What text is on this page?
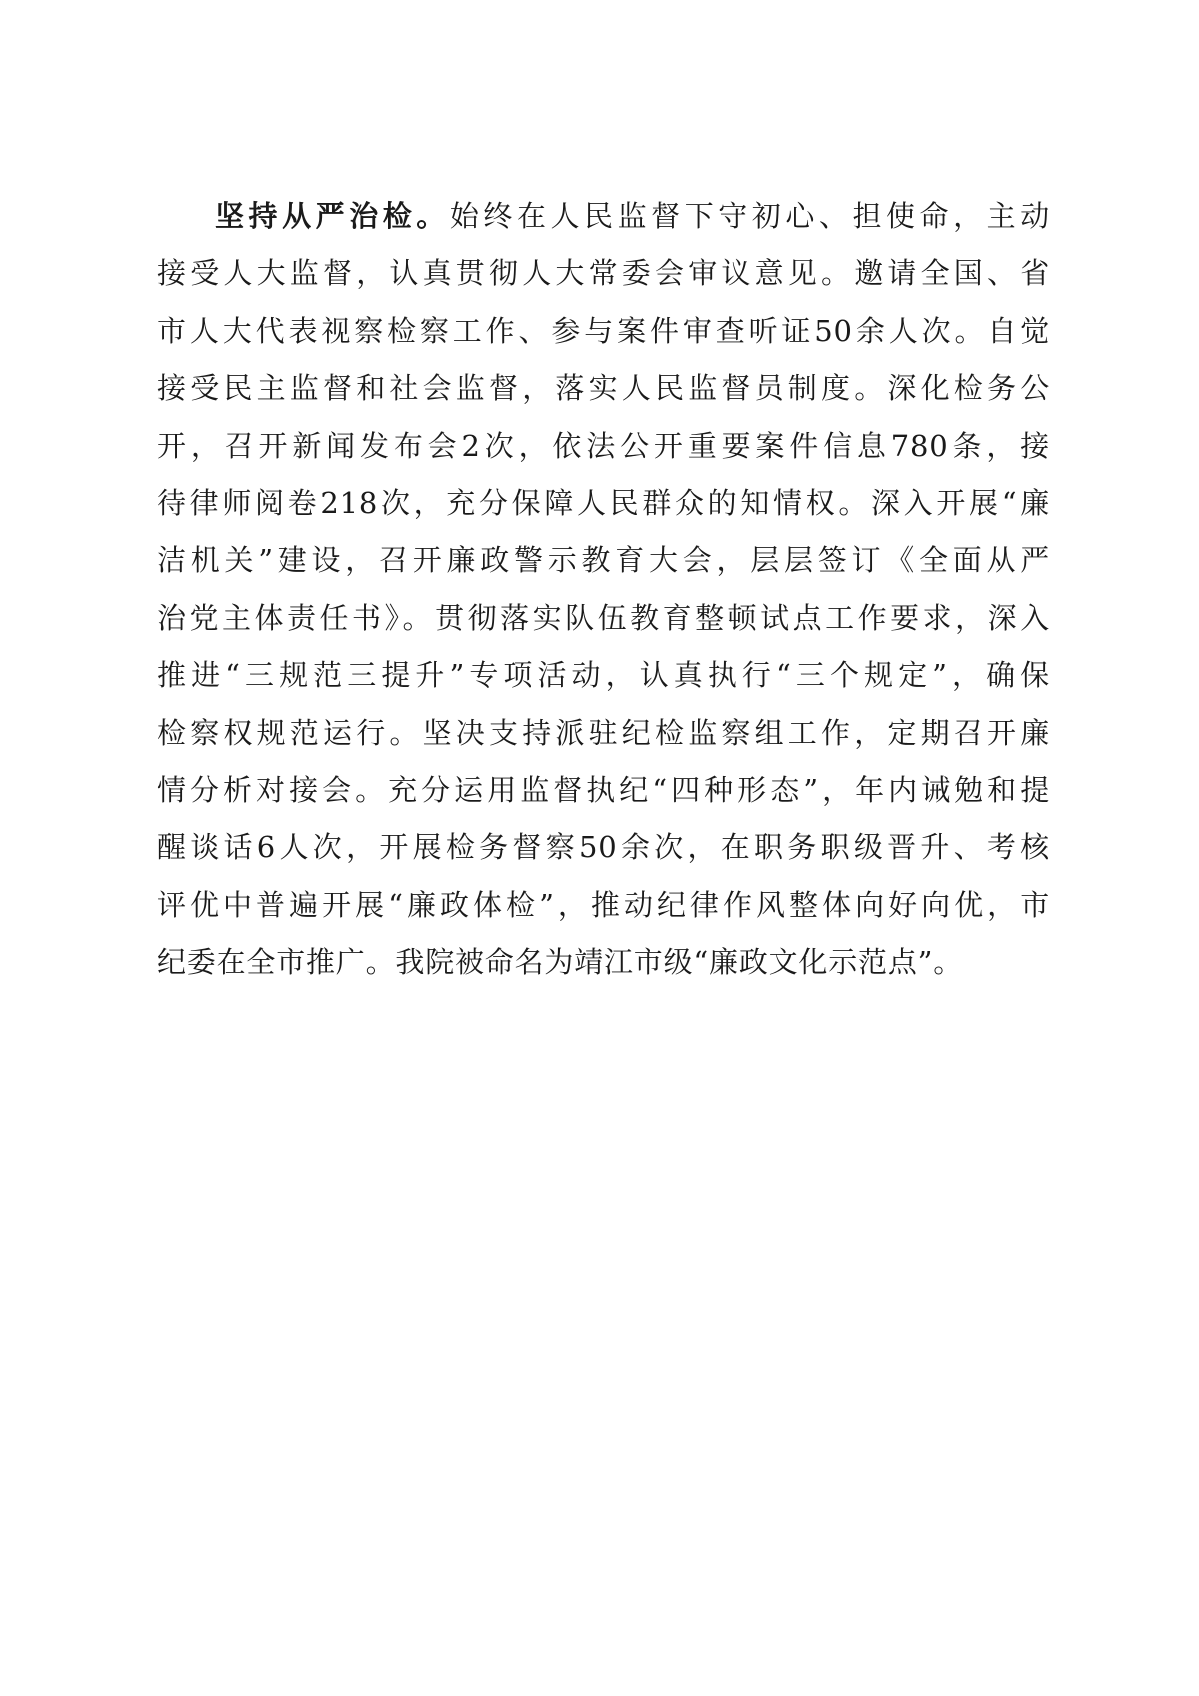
坚持从严治检。始终在人民监督下守初心、担使命，主动
接受人大监督，认真贯彻人大常委会审议意见。邀请全国、省
市人大代表视察检察工作、参与案件审查听证50余人次。自觉
接受民主监督和社会监督，落实人民监督员制度。深化检务公
开，召开新闻发布会2次，依法公开重要案件信息780条，接
待律师阅卷218次，充分保障人民群众的知情权。深入开展“廉
洁机关”建设，召开廉政警示教育大会，层层签订《全面从严
治党主体责任书》。贯彻落实队伍教育整顿试点工作要求，深入
推进“三规范三提升”专项活动，认真执行“三个规定”，确保
检察权规范运行。坚决支持派驻纪检监察组工作，定期召开廉
情分析对接会。充分运用监督执纪“四种形态”，年内诫勉和提
醒谈话6人次，开展检务督察50余次，在职务职级晋升、考核
评优中普遍开展“廉政体检”，推动纪律作风整体向好向优，市
纪委在全市推广。我院被命名为靖江市级“廉政文化示范点”。
